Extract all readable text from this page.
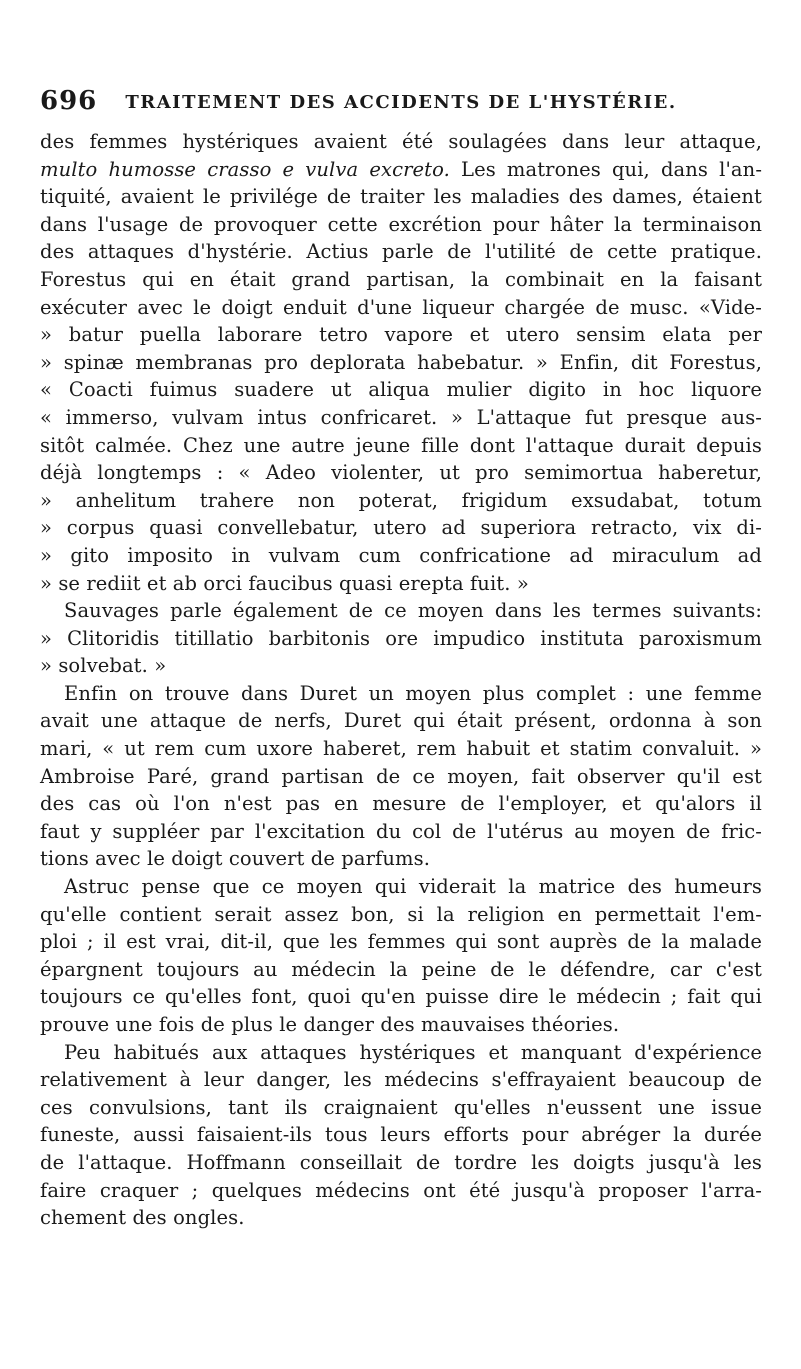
696	TRAITEMENT DES ACCIDENTS DE L'HYSTÉRIE.
des femmes hystériques avaient été soulagées dans leur attaque,
multo humosse crasso e vulva excreto. Les matrones qui, dans l'an-
tiquité, avaient le privilége de traiter les maladies des dames, étaient
dans l'usage de provoquer cette excrétion pour hâter la terminaison
des attaques d'hystérie. Actius parle de l'utilité de cette pratique.
Forestus qui en était grand partisan, la combinait en la faisant
exécuter avec le doigt enduit d'une liqueur chargée de musc. «Vide-
» batur puella laborare tetro vapore et utero sensim elata per
» spinæ membranas pro deplorata habebatur. » Enfin, dit Forestus,
« Coacti fuimus suadere ut aliqua mulier digito in hoc liquore
« immerso, vulvam intus confricaret. » L'attaque fut presque aus-
sitôt calmée. Chez une autre jeune fille dont l'attaque durait depuis
déjà longtemps : « Adeo violenter, ut pro semimortua haberetur,
» anhelitum trahere non poterat, frigidum exsudabat, totum
» corpus quasi convellebatur, utero ad superiora retracto, vix di-
» gito imposito in vulvam cum confricatione ad miraculum ad
» se rediit et ab orci faucibus quasi erepta fuit. »
Sauvages parle également de ce moyen dans les termes suivants:
» Clitoridis titillatio barbitonis ore impudico instituta paroxismum
» solvebat. »
Enfin on trouve dans Duret un moyen plus complet : une femme
avait une attaque de nerfs, Duret qui était présent, ordonna à son
mari, « ut rem cum uxore haberet, rem habuit et statim convaluit. »
Ambroise Paré, grand partisan de ce moyen, fait observer qu'il est
des cas où l'on n'est pas en mesure de l'employer, et qu'alors il
faut y suppléer par l'excitation du col de l'utérus au moyen de fric-
tions avec le doigt couvert de parfums.
Astruc pense que ce moyen qui viderait la matrice des humeurs
qu'elle contient serait assez bon, si la religion en permettait l'em-
ploi ; il est vrai, dit-il, que les femmes qui sont auprès de la malade
épargnent toujours au médecin la peine de le défendre, car c'est
toujours ce qu'elles font, quoi qu'en puisse dire le médecin ; fait qui
prouve une fois de plus le danger des mauvaises théories.
Peu habitués aux attaques hystériques et manquant d'expérience
relativement à leur danger, les médecins s'effrayaient beaucoup de
ces convulsions, tant ils craignaient qu'elles n'eussent une issue
funeste, aussi faisaient-ils tous leurs efforts pour abréger la durée
de l'attaque. Hoffmann conseillait de tordre les doigts jusqu'à les
faire craquer ; quelques médecins ont été jusqu'à proposer l'arra-
chement des ongles.
